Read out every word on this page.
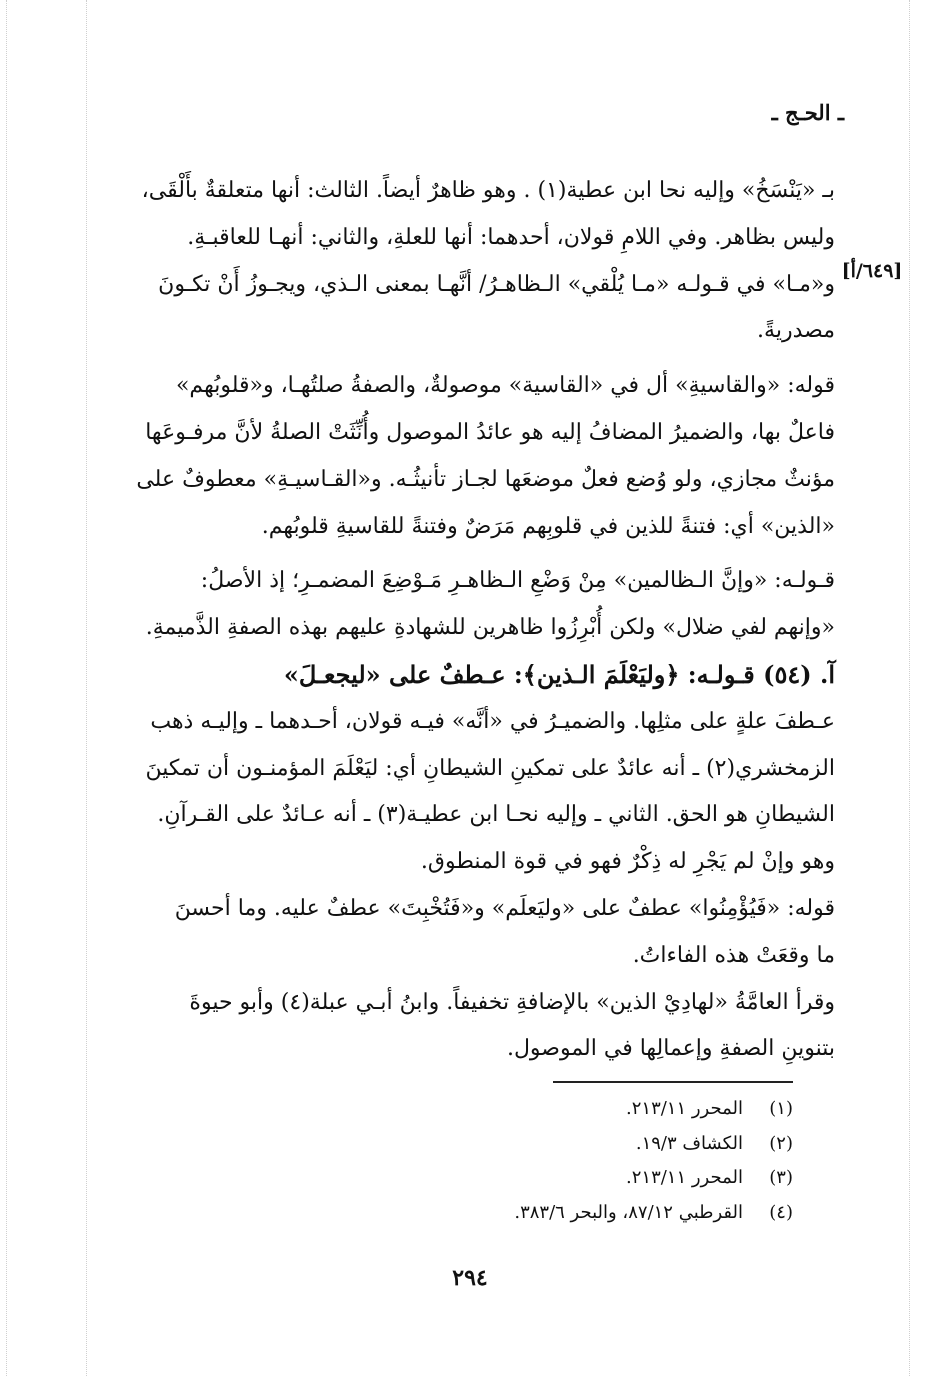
ـ الحـج ـ
[٦٤٩/أ]

بـ «يَنْسَخُ» وإليه نحا ابن عطية(١) . وهو ظاهرٌ أيضاً. الثالث: أنها متعلقةٌ بأَلْقَى،

وليس بظاهر. وفي اللامِ قولان، أحدهما: أنها للعلةِ، والثاني: أنهـا للعاقبـةِ.

و«مـا» في قـولـه «مـا يُلْقي» الـظاهـرُ/ أنَّهـا بمعنى الـذي، ويجـوزُ أَنْ تكـونَ

مصدريةً.

قوله: «والقاسيةِ» أل في «القاسية» موصولةٌ، والصفةُ صلتُهـا، و«قلوبُهم»

فاعلٌ بها، والضميرُ المضافُ إليه هو عائدُ الموصول وأُنِّثَتْ الصلةُ لأنَّ مرفـوعَها

مؤنثٌ مجازي، ولو وُضع فعلٌ موضعَها لجـاز تأنيثُـه. و«القـاسيـةِ» معطوفٌ على

«الذين» أي: فتنةً للذين في قلوبِهم مَرَضٌ وفتنةً للقاسيةِ قلوبُهم.

قـولـه: «وإنَّ الـظالمين» مِنْ وَضْعِ الـظاهـرِ مَـوْضِعَ المضمـرِ؛ إذ الأصلُ:

«وإنهم لفي ضلال» ولكن أُبْرِزُوا ظاهرين للشهادةِ عليهم بهذه الصفةِ الذَّميمةِ.

آ. (٥٤) قـولـه: ﴿وليَعْلَمَ الـذين﴾: عـطفٌ على «ليجعـلَ»

عـطفَ علةٍ على مثلِها. والضميـرُ في «أنَّه» فيـه قولان، أحـدهما ـ وإليـه ذهب

الزمخشري(٢) ـ أنه عائدٌ على تمكينِ الشيطانِ أي: ليَعْلَمَ المؤمنـون أن تمكينَ

الشيطانِ هو الحق. الثاني ـ وإليه نحـا ابن عطيـة(٣) ـ أنه عـائدٌ على القـرآنِ.

وهو وإنْ لم يَجْرِ له ذِكْرٌ فهو في قوة المنطوق.

قوله: «فَيُؤْمِنُوا» عطفٌ على «وليَعلَم» و«فَتُخْبِتَ» عطفٌ عليه. وما أحسنَ

ما وقعَتْ هذه الفاءاتُ.

وقرأ العامَّةُ «لهادِيْ الذين» بالإضافةِ تخفيفاً. وابنُ أبـي عبلة(٤) وأبو حيوةَ

بتنوينِ الصفةِ وإعمالِها في الموصول.

(١)
المحرر ٢١٣/١١.
(٢)
الكشاف ١٩/٣.
(٣)
المحرر ٢١٣/١١.
(٤)
القرطبي ٨٧/١٢، والبحر ٣٨٣/٦.
٢٩٤
